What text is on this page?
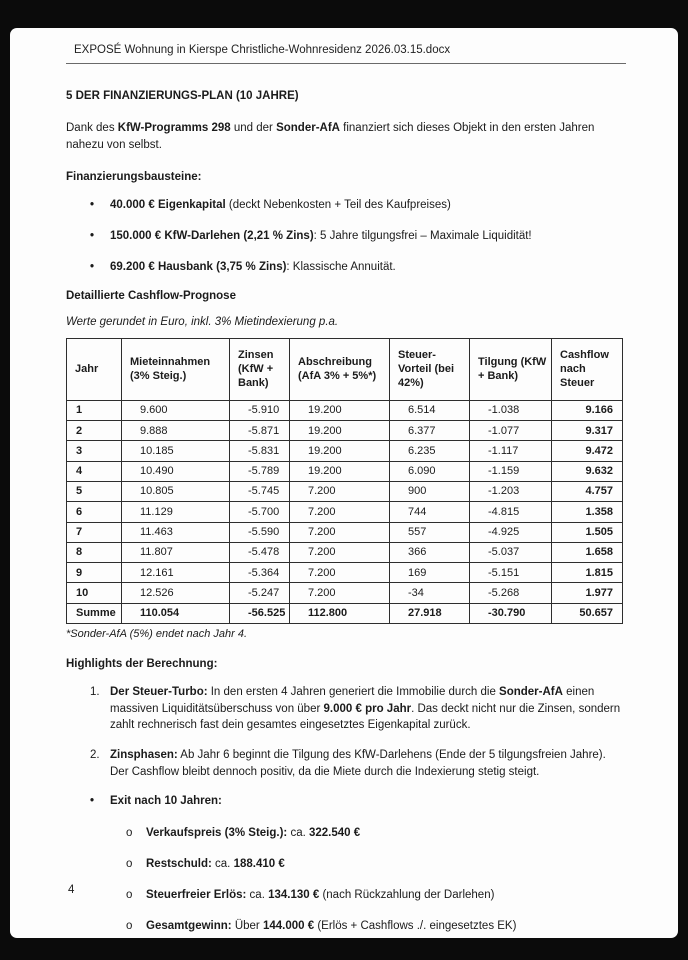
EXPOSÉ Wohnung in Kierspe Christliche-Wohnresidenz 2026.03.15.docx

5 DER FINANZIERUNGS-PLAN (10 JAHRE)

Dank des KfW-Programms 298 und der Sonder-AfA finanziert sich dieses Objekt in den ersten Jahren nahezu von selbst.

Finanzierungsbausteine:

•	40.000 € Eigenkapital (deckt Nebenkosten + Teil des Kaufpreises)
•	150.000 € KfW-Darlehen (2,21 % Zins): 5 Jahre tilgungsfrei – Maximale Liquidität!
•	69.200 € Hausbank (3,75 % Zins): Klassische Annuität.

Detaillierte Cashflow-Prognose

Werte gerundet in Euro, inkl. 3% Mietindexierung p.a.

Jahr	Mieteinnahmen (3% Steig.)	Zinsen (KfW + Bank)	Abschreibung (AfA 3% + 5%*)	Steuer-Vorteil (bei 42%)	Tilgung (KfW + Bank)	Cashflow nach Steuer
1	9.600	-5.910	19.200	6.514	-1.038	9.166
2	9.888	-5.871	19.200	6.377	-1.077	9.317
3	10.185	-5.831	19.200	6.235	-1.117	9.472
4	10.490	-5.789	19.200	6.090	-1.159	9.632
5	10.805	-5.745	7.200	900	-1.203	4.757
6	11.129	-5.700	7.200	744	-4.815	1.358
7	11.463	-5.590	7.200	557	-4.925	1.505
8	11.807	-5.478	7.200	366	-5.037	1.658
9	12.161	-5.364	7.200	169	-5.151	1.815
10	12.526	-5.247	7.200	-34	-5.268	1.977
Summe	110.054	-56.525	112.800	27.918	-30.790	50.657

*Sonder-AfA (5%) endet nach Jahr 4.

Highlights der Berechnung:

1. Der Steuer-Turbo: In den ersten 4 Jahren generiert die Immobilie durch die Sonder-AfA einen massiven Liquiditätsüberschuss von über 9.000 € pro Jahr. Das deckt nicht nur die Zinsen, sondern zahlt rechnerisch fast dein gesamtes eingesetztes Eigenkapital zurück.
2. Zinsphasen: Ab Jahr 6 beginnt die Tilgung des KfW-Darlehens (Ende der 5 tilgungsfreien Jahre). Der Cashflow bleibt dennoch positiv, da die Miete durch die Indexierung stetig steigt.
•	Exit nach 10 Jahren:
o	Verkaufspreis (3% Steig.): ca. 322.540 €
o	Restschuld: ca. 188.410 €
o	Steuerfreier Erlös: ca. 134.130 € (nach Rückzahlung der Darlehen)
o	Gesamtgewinn: Über 144.000 € (Erlös + Cashflows ./. eingesetztes EK)
4
